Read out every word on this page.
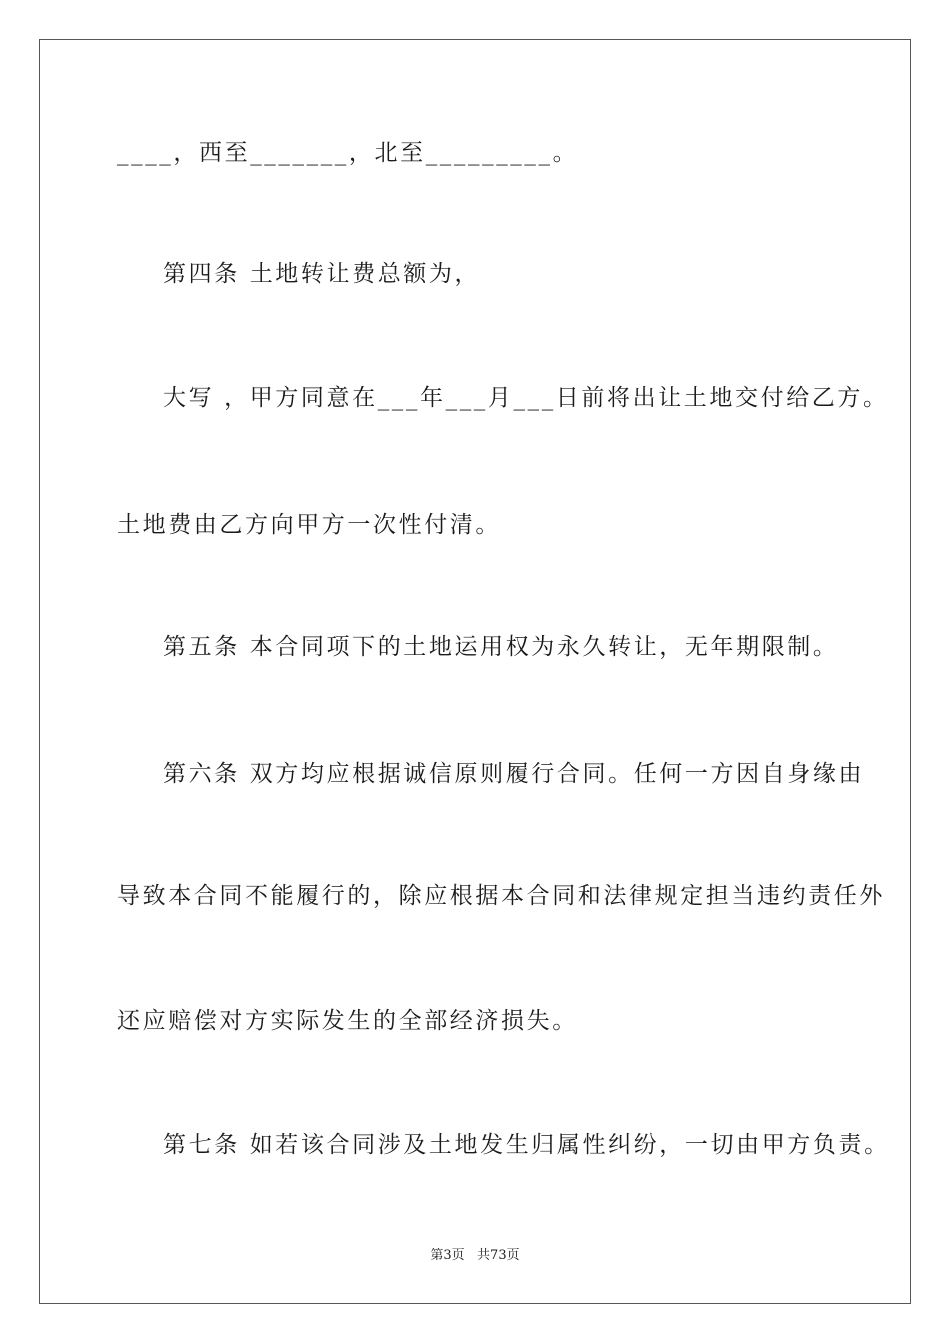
____，西至_______，北至_________。
第四条 土地转让费总额为，
大写 ，甲方同意在___年___月___日前将出让土地交付给乙方。
土地费由乙方向甲方一次性付清。
第五条 本合同项下的土地运用权为永久转让，无年期限制。
第六条 双方均应根据诚信原则履行合同。任何一方因自身缘由
导致本合同不能履行的，除应根据本合同和法律规定担当违约责任外
还应赔偿对方实际发生的全部经济损失。
第七条 如若该合同涉及土地发生归属性纠纷，一切由甲方负责。
第3页   共73页
